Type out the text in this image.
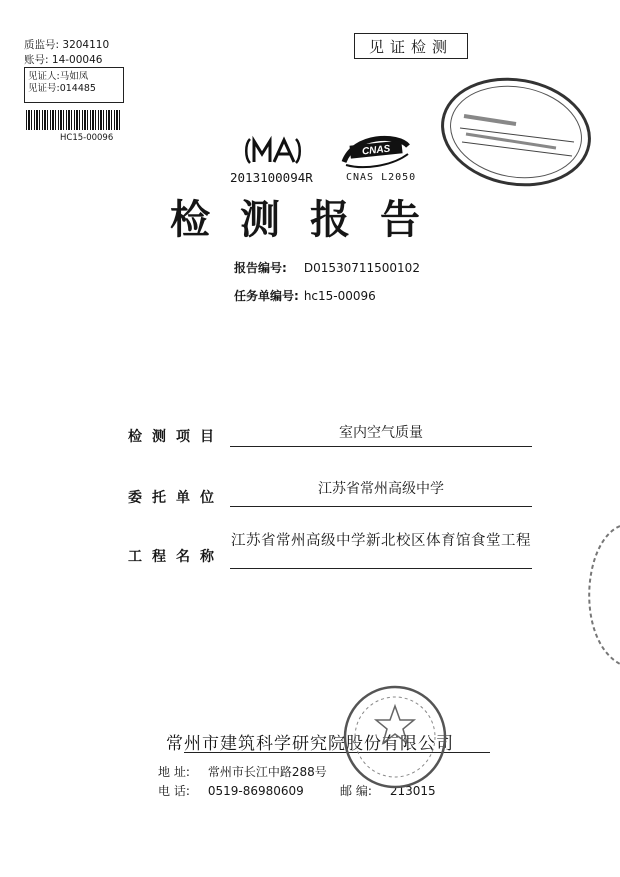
质监号: 3204110
账号: 14-00046
见证人:马如凤
见证号:014485
HC15-00096
见证检测
2013100094R
CNAS
CNAS L2050
检测报告
报告编号: D01530711500102
任务单编号: hc15-00096
检测项目	室内空气质量
委托单位
江苏省常州高级中学
工程名称
江苏省常州高级中学新北校区体育馆食堂工程
常州市建筑科学研究院股份有限公司
地 址: 常州市长江中路288号
电 话: 0519-86980609	邮 编: 213015
